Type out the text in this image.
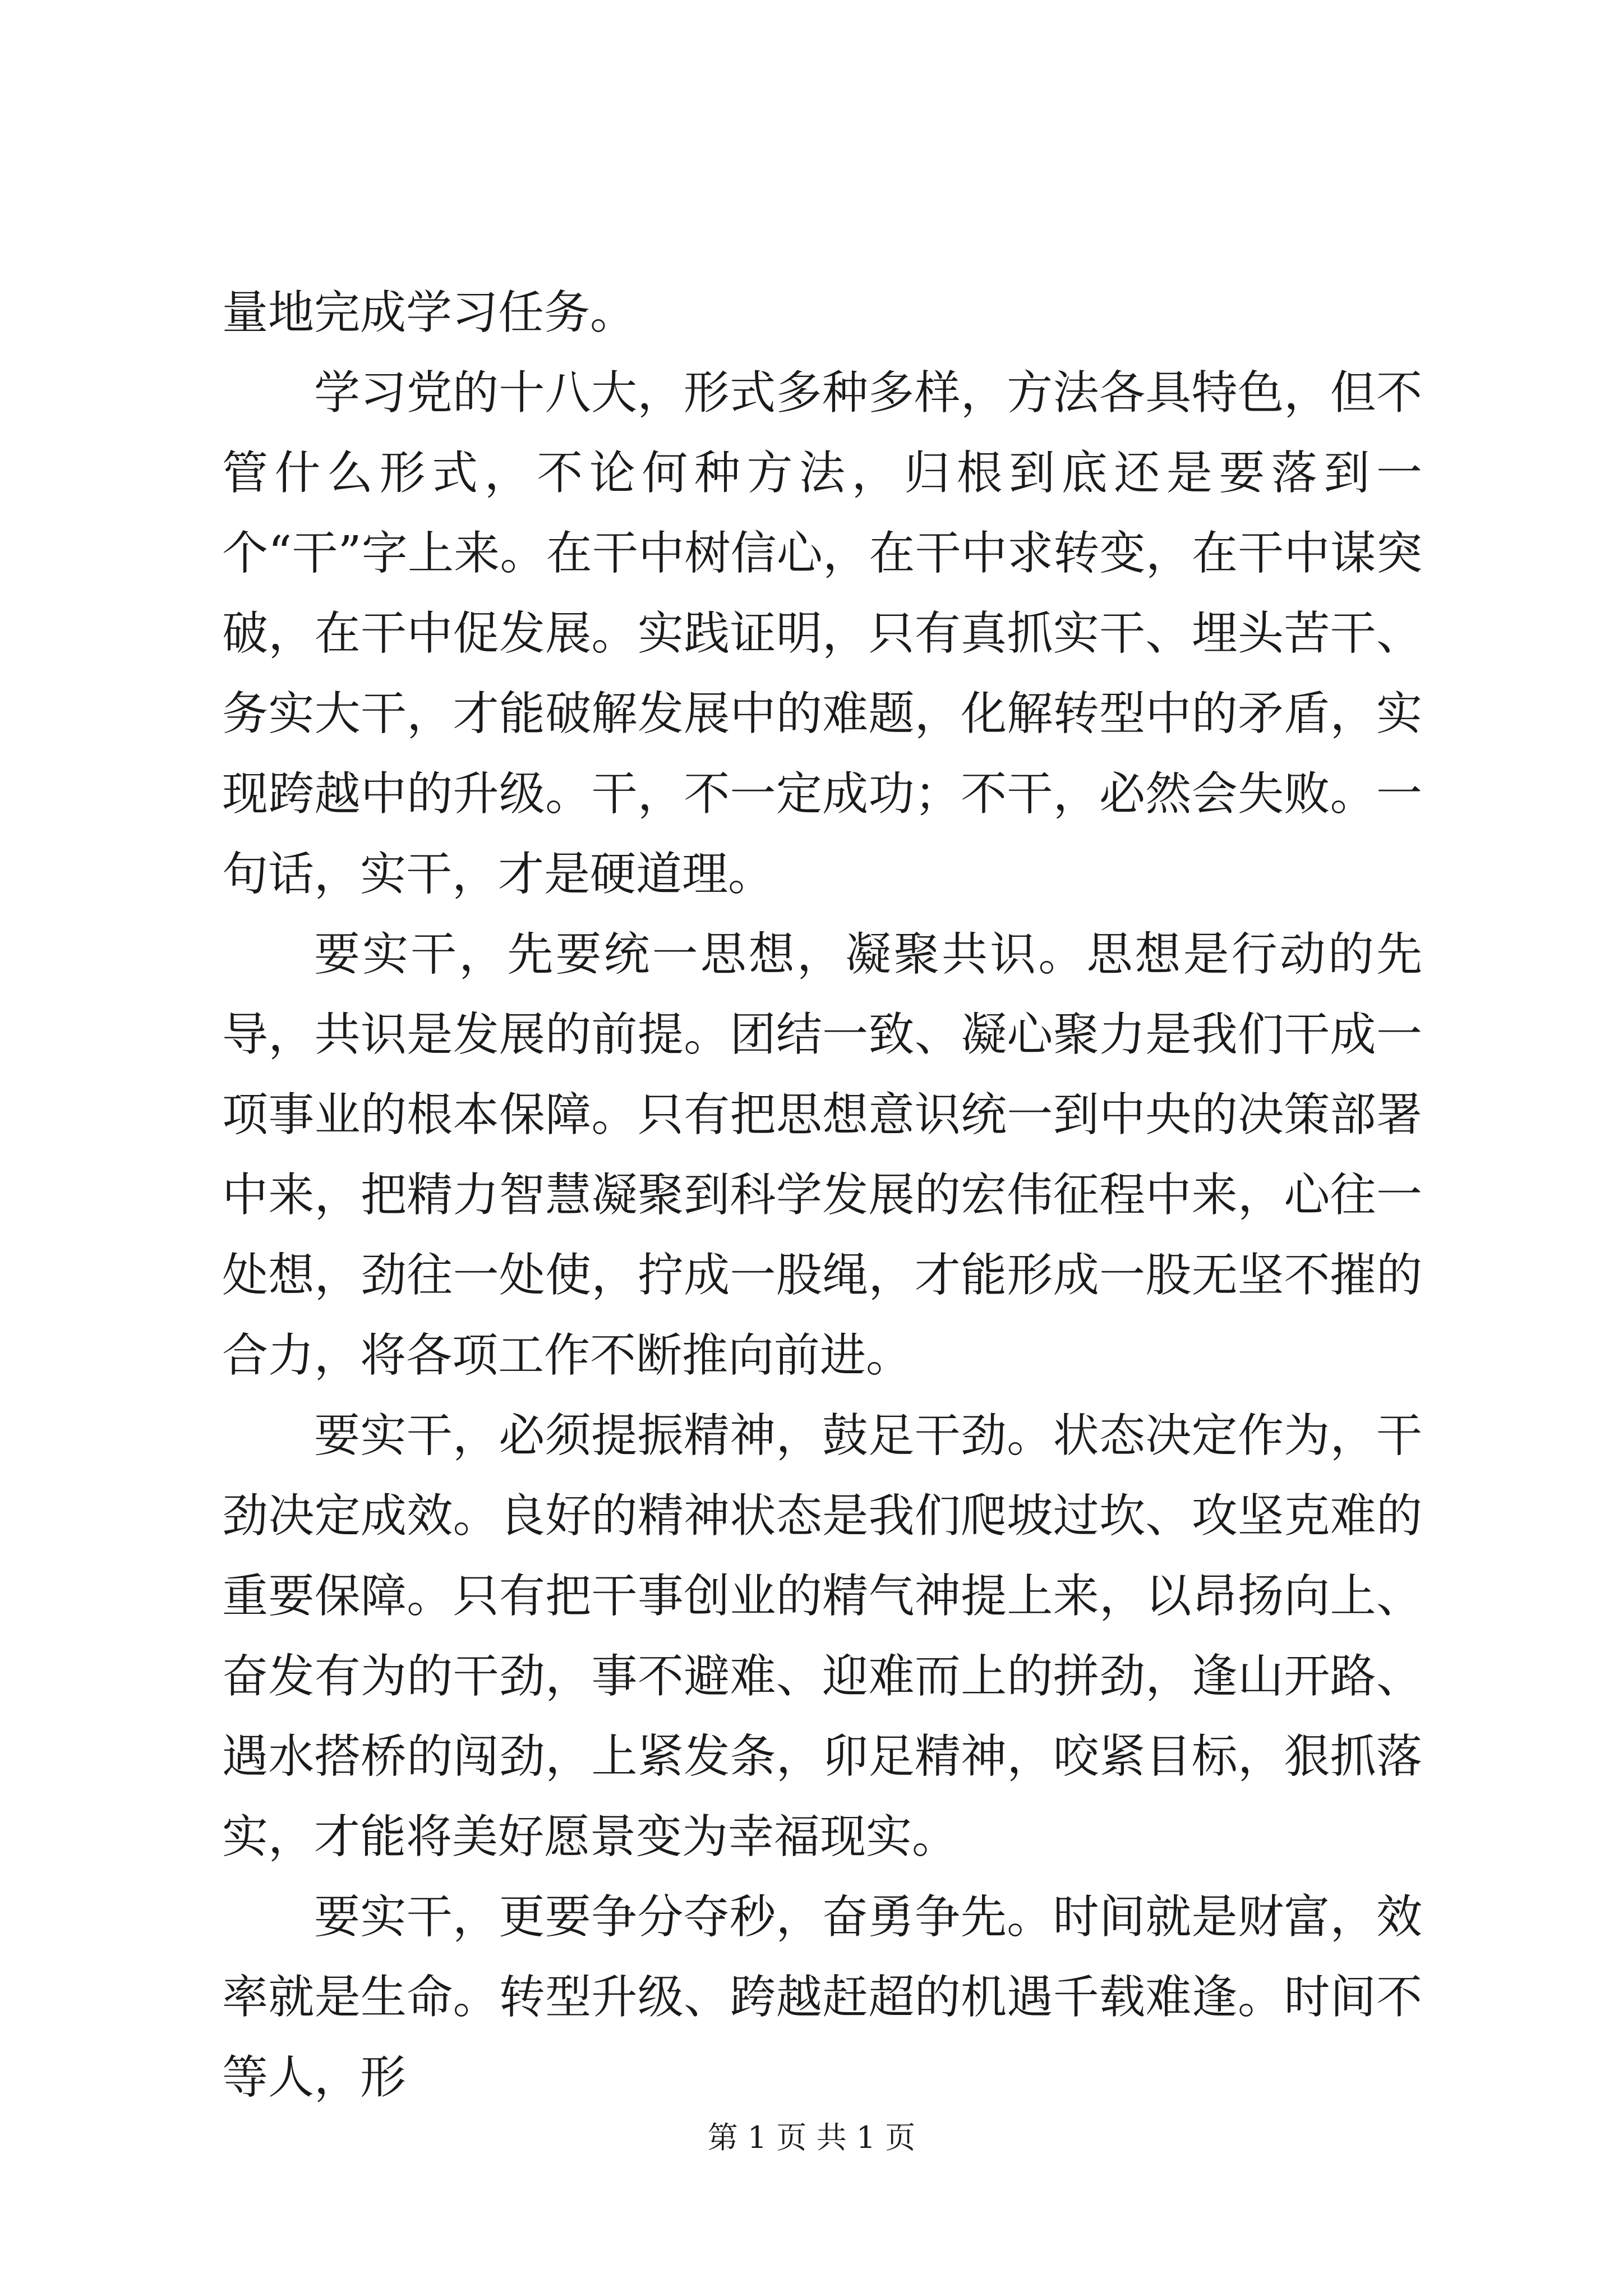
量地完成学习任务。

学习党的十八大，形式多种多样，方法各具特色，但不管什么形式，不论何种方法，归根到底还是要落到一个“干”字上来。在干中树信心，在干中求转变，在干中谋突破，在干中促发展。实践证明，只有真抓实干、埋头苦干、务实大干，才能破解发展中的难题，化解转型中的矛盾，实现跨越中的升级。干，不一定成功；不干，必然会失败。一句话，实干，才是硬道理。

要实干，先要统一思想，凝聚共识。思想是行动的先导，共识是发展的前提。团结一致、凝心聚力是我们干成一项事业的根本保障。只有把思想意识统一到中央的决策部署中来，把精力智慧凝聚到科学发展的宏伟征程中来，心往一处想，劲往一处使，拧成一股绳，才能形成一股无坚不摧的合力，将各项工作不断推向前进。

要实干，必须提振精神，鼓足干劲。状态决定作为，干劲决定成效。良好的精神状态是我们爬坡过坎、攻坚克难的重要保障。只有把干事创业的精气神提上来，以昂扬向上、奋发有为的干劲，事不避难、迎难而上的拼劲，逢山开路、遇水搭桥的闯劲，上紧发条，卯足精神，咬紧目标，狠抓落实，才能将美好愿景变为幸福现实。

要实干，更要争分夺秒，奋勇争先。时间就是财富，效率就是生命。转型升级、跨越赶超的机遇千载难逢。时间不等人，形

第 1 页 共 1 页
